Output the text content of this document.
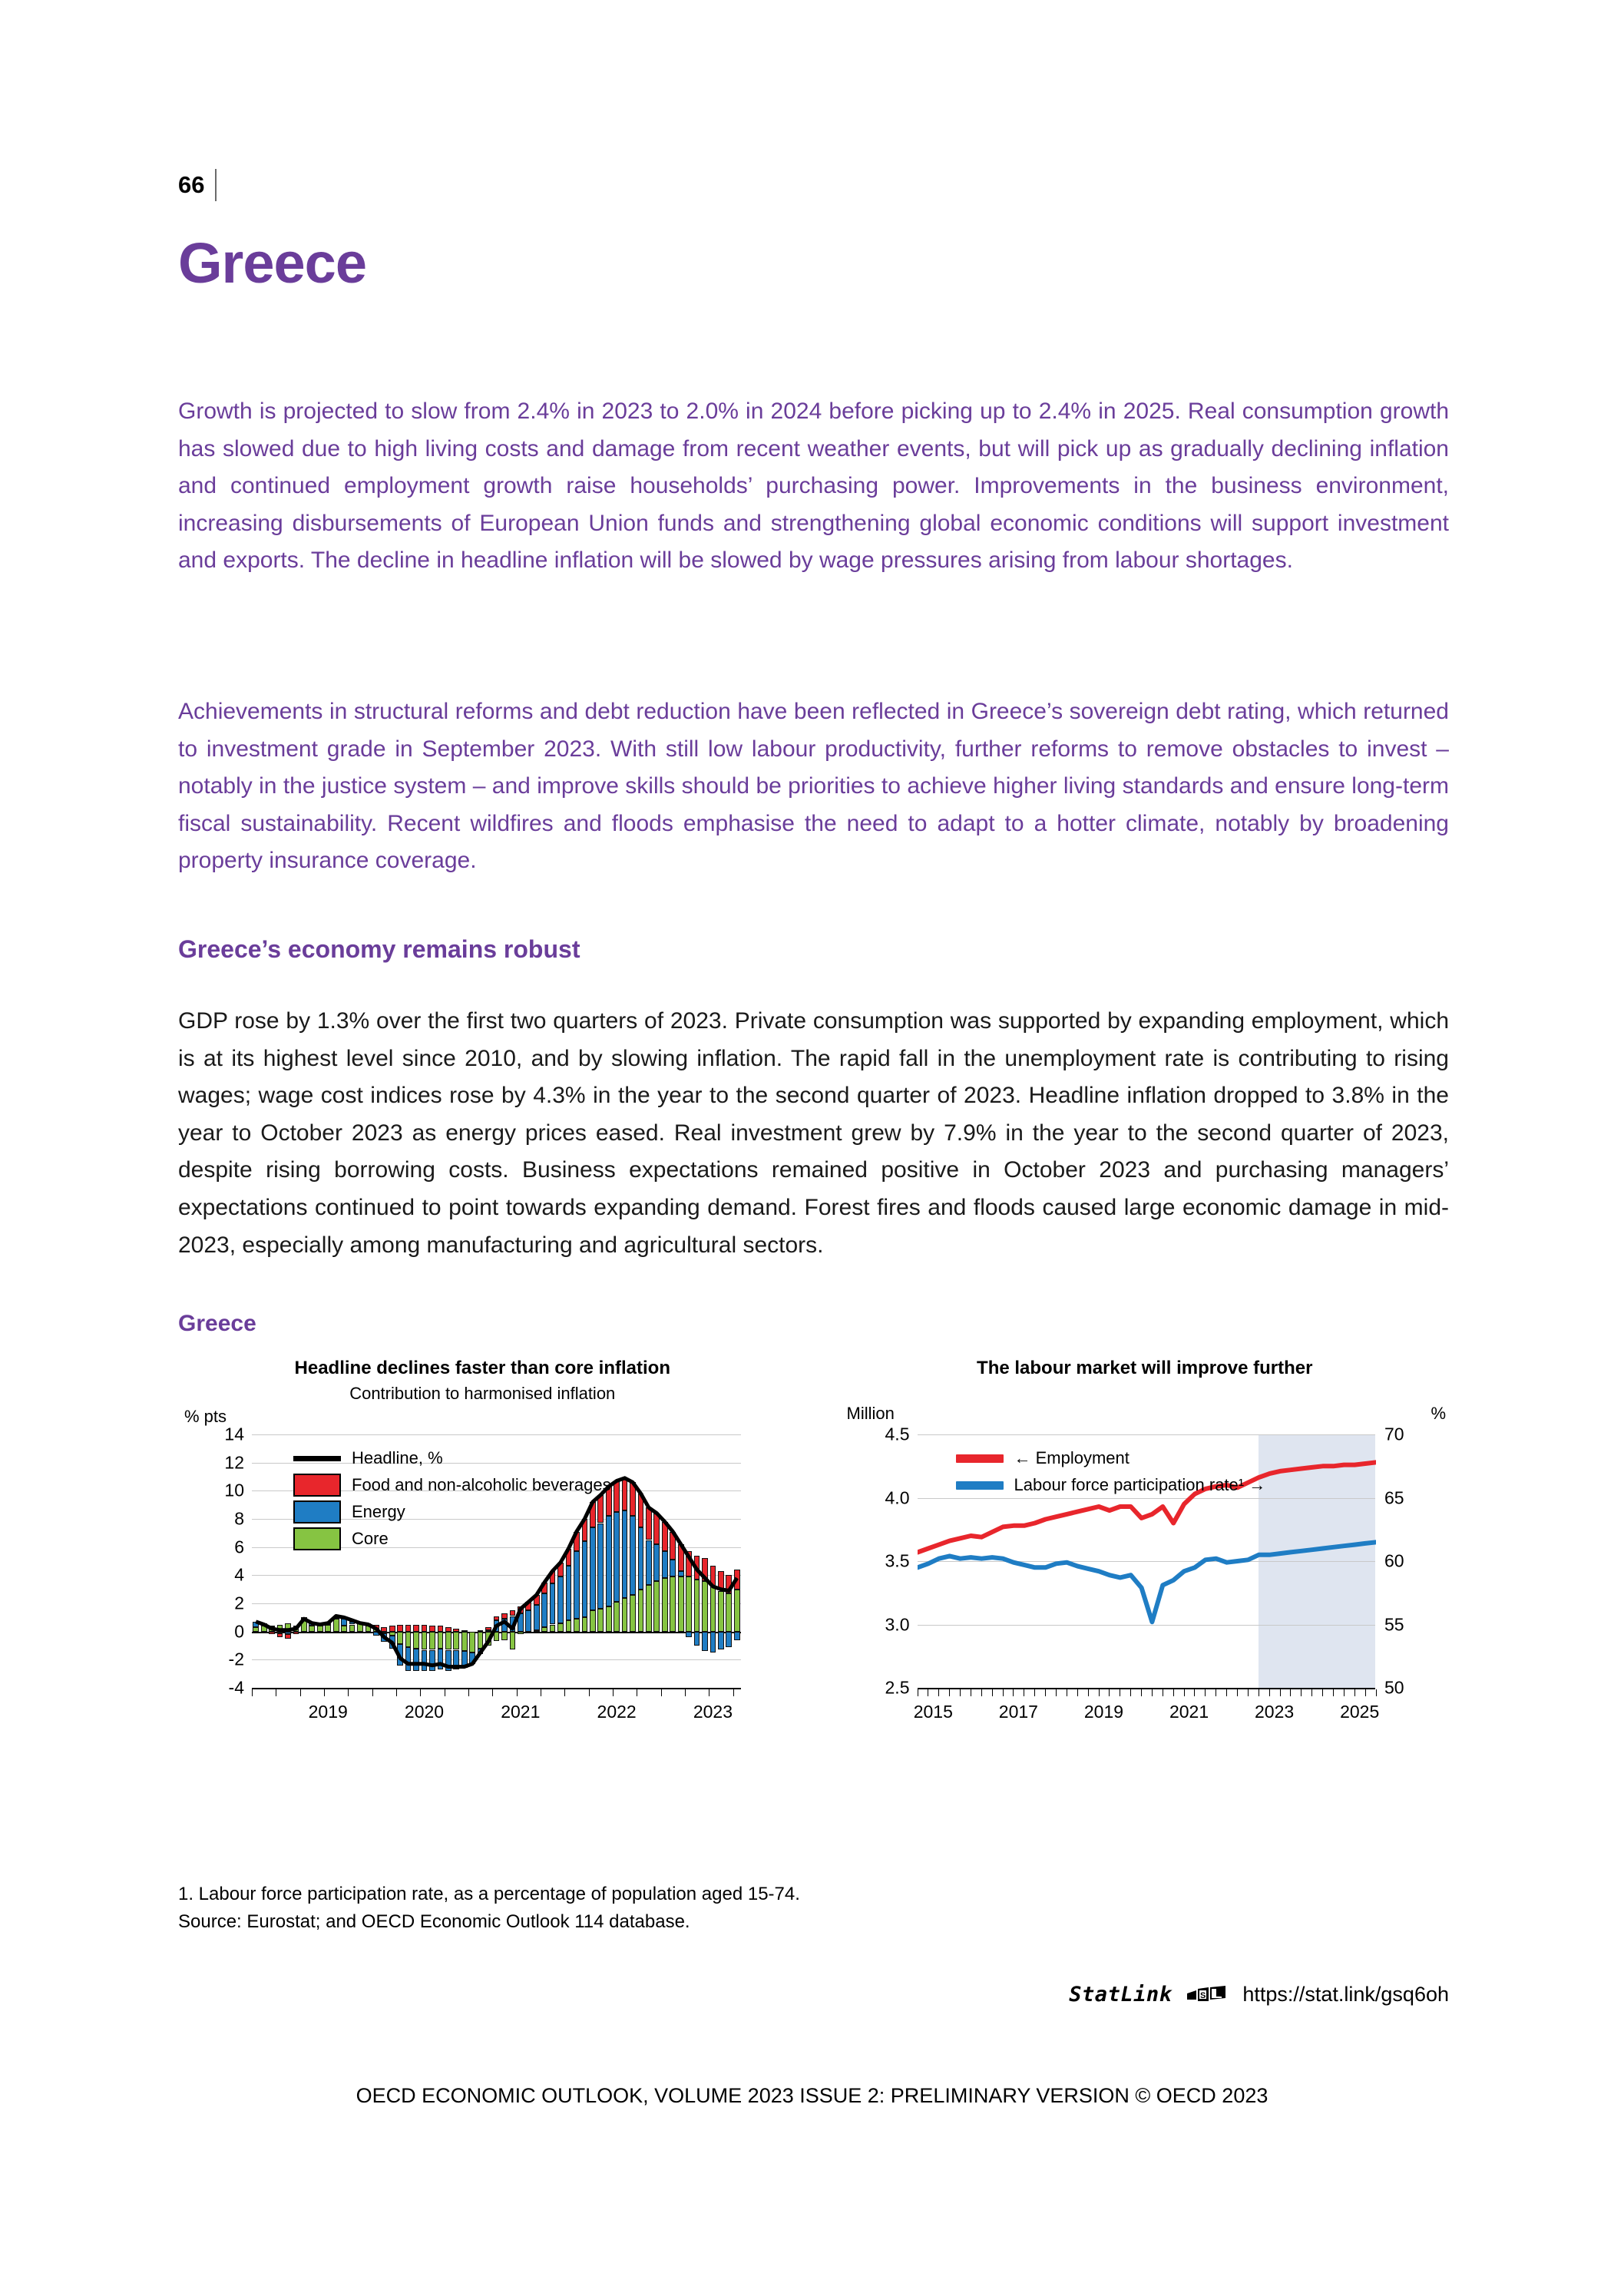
66
Greece
Growth is projected to slow from 2.4% in 2023 to 2.0% in 2024 before picking up to 2.4% in 2025. Real consumption growth has slowed due to high living costs and damage from recent weather events, but will pick up as gradually declining inflation and continued employment growth raise households’ purchasing power. Improvements in the business environment, increasing disbursements of European Union funds and strengthening global economic conditions will support investment and exports. The decline in headline inflation will be slowed by wage pressures arising from labour shortages.
Achievements in structural reforms and debt reduction have been reflected in Greece’s sovereign debt rating, which returned to investment grade in September 2023. With still low labour productivity, further reforms to remove obstacles to invest – notably in the justice system – and improve skills should be priorities to achieve higher living standards and ensure long-term fiscal sustainability. Recent wildfires and floods emphasise the need to adapt to a hotter climate, notably by broadening property insurance coverage.
Greece’s economy remains robust
GDP rose by 1.3% over the first two quarters of 2023. Private consumption was supported by expanding employment, which is at its highest level since 2010, and by slowing inflation. The rapid fall in the unemployment rate is contributing to rising wages; wage cost indices rose by 4.3% in the year to the second quarter of 2023. Headline inflation dropped to 3.8% in the year to October 2023 as energy prices eased. Real investment grew by 7.9% in the year to the second quarter of 2023, despite rising borrowing costs. Business expectations remained positive in October 2023 and purchasing managers’ expectations continued to point towards expanding demand. Forest fires and floods caused large economic damage in mid-2023, especially among manufacturing and agricultural sectors.
Greece
Headline declines faster than core inflation
Contribution to harmonised inflation
% pts
14
12
10
8
6
4
2
0
-2
-4
2019	2020	2021	2022	2023
Headline, %
Food and non-alcoholic beverages
Energy
Core
The labour market will improve further
Million	%
4.5
4.0
3.5
3.0
2.5
70
65
60
55
50
2015	2017	2019	2021	2023	2025
← Employment
Labour force participation rate¹ →
1. Labour force participation rate, as a percentage of population aged 15-74.
Source: Eurostat; and OECD Economic Outlook 114 database.
StatLink	S https://stat.link/gsq6oh
OECD ECONOMIC OUTLOOK, VOLUME 2023 ISSUE 2: PRELIMINARY VERSION © OECD 2023
